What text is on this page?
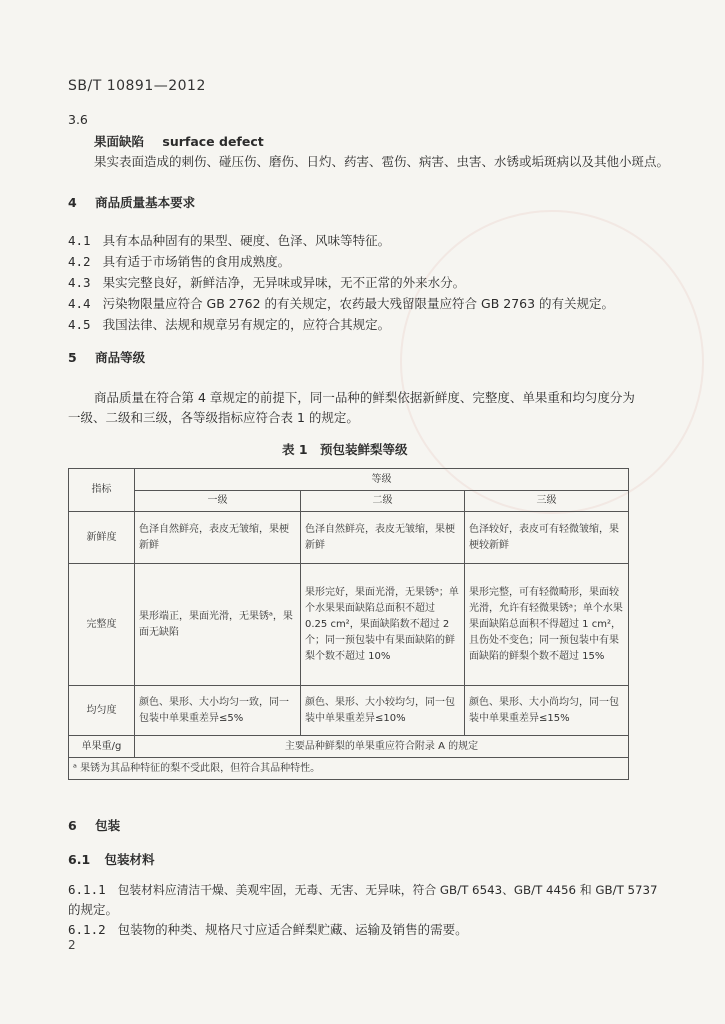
SB/T 10891—2012
3.6
果面缺陷 surface defect
果实表面造成的刺伤、碰压伤、磨伤、日灼、药害、雹伤、病害、虫害、水锈或垢斑病以及其他小斑点。
4 商品质量基本要求
4.1 具有本品种固有的果型、硬度、色泽、风味等特征。
4.2 具有适于市场销售的食用成熟度。
4.3 果实完整良好，新鲜洁净，无异味或异味，无不正常的外来水分。
4.4 污染物限量应符合 GB 2762 的有关规定，农药最大残留限量应符合 GB 2763 的有关规定。
4.5 我国法律、法规和规章另有规定的，应符合其规定。
5 商品等级
商品质量在符合第 4 章规定的前提下，同一品种的鲜梨依据新鲜度、完整度、单果重和均匀度分为
一级、二级和三级，各等级指标应符合表 1 的规定。
表 1　预包装鲜梨等级
指标	等级		
	一级	二级	三级
新鲜度	色泽自然鲜亮，表皮无皱缩，果梗新鲜	色泽自然鲜亮，表皮无皱缩，果梗新鲜	色泽较好，表皮可有轻微皱缩，果梗较新鲜
完整度	果形端正，果面光滑，无果锈ᵃ，果面无缺陷	果形完好，果面光滑，无果锈ᵃ；单个水果果面缺陷总面积不超过 0.25 cm²，果面缺陷数不超过 2 个；同一预包装中有果面缺陷的鲜梨个数不超过 10%	果形完整，可有轻微畸形，果面较光滑，允许有轻微果锈ᵃ；单个水果果面缺陷总面积不得超过 1 cm²，且伤处不变色；同一预包装中有果面缺陷的鲜梨个数不超过 15%
均匀度	颜色、果形、大小均匀一致，同一包装中单果重差异≤5%	颜色、果形、大小较均匀，同一包装中单果重差异≤10%	颜色、果形、大小尚均匀，同一包装中单果重差异≤15%
单果重/g	主要品种鲜梨的单果重应符合附录 A 的规定		
ᵃ 果锈为其品种特征的梨不受此限，但符合其品种特性。			
6 包装
6.1 包装材料
6.1.1 包装材料应清洁干燥、美观牢固，无毒、无害、无异味，符合 GB/T 6543、GB/T 4456 和 GB/T 5737
的规定。
6.1.2 包装物的种类、规格尺寸应适合鲜梨贮藏、运输及销售的需要。
2
